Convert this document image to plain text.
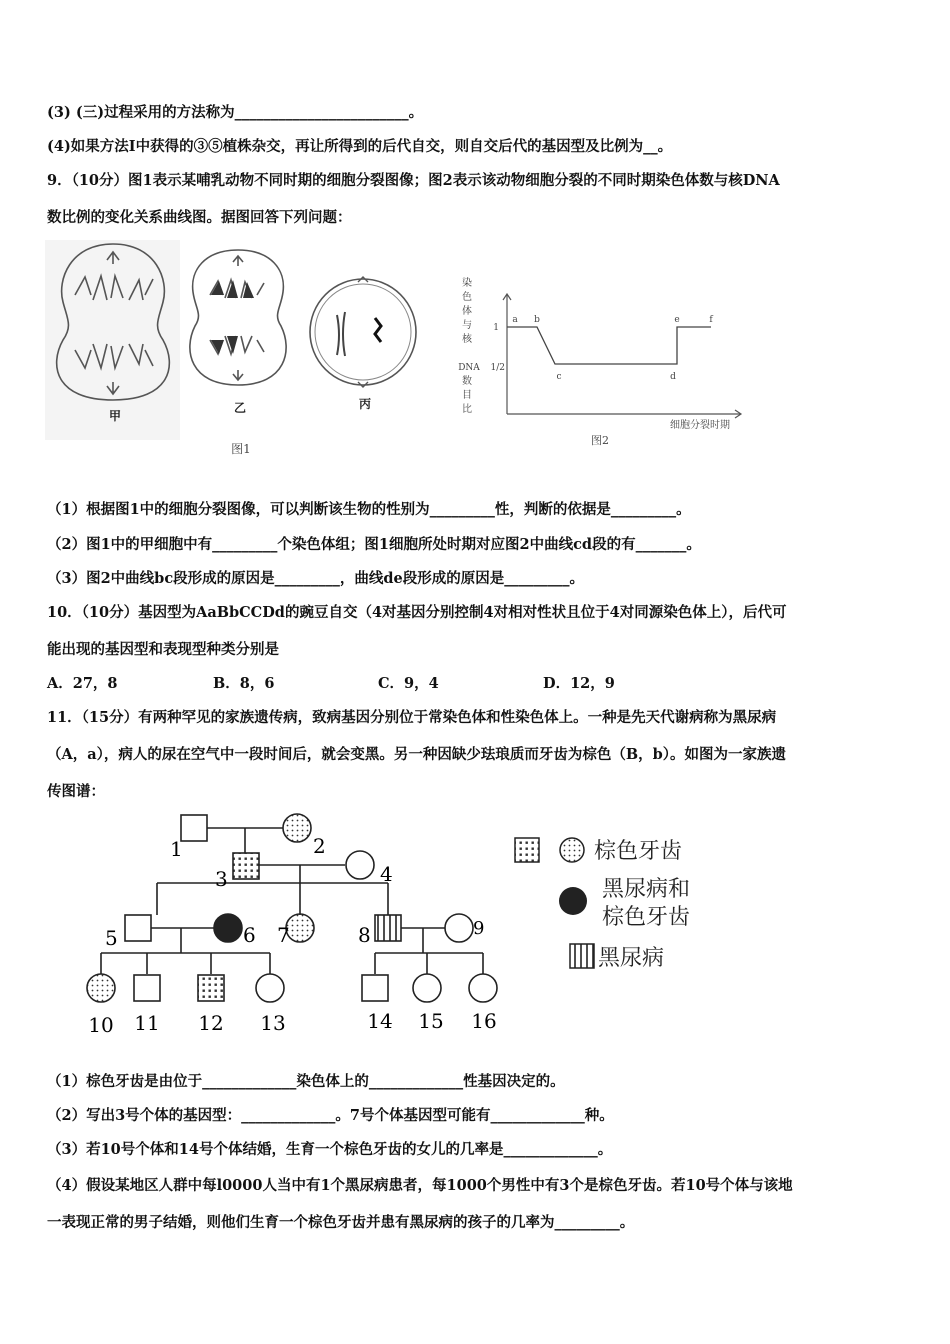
(3) (三)过程采用的方法称为________________________。
(4)如果方法Ⅰ中获得的③⑤植株杂交，再让所得到的后代自交，则自交后代的基因型及比例为__。
9．（10分）图1表示某哺乳动物不同时期的细胞分裂图像；图2表示该动物细胞分裂的不同时期染色体数与核DNA
数比例的变化关系曲线图。据图回答下列问题：
甲
乙	丙
图1
染
色
体
与
核
DNA
数
目
比
1
1/2
a b
c	d
e	f
细胞分裂时期
图2
（1）根据图1中的细胞分裂图像，可以判断该生物的性别为_________性，判断的依据是_________。
（2）图1中的甲细胞中有_________个染色体组；图1细胞所处时期对应图2中曲线cd段的有_______。
（3）图2中曲线bc段形成的原因是_________，曲线de段形成的原因是_________。
10．（10分）基因型为AaBbCCDd的豌豆自交（4对基因分别控制4对相对性状且位于4对同源染色体上），后代可
能出现的基因型和表现型种类分别是
A．27，8	B．8，6	C．9，4	D．12，9
11．（15分）有两种罕见的家族遗传病，致病基因分别位于常染色体和性染色体上。一种是先天代谢病称为黑尿病
（A，a），病人的尿在空气中一段时间后，就会变黑。另一种因缺少珐琅质而牙齿为棕色（B，b）。如图为一家族遗
传图谱：
1	2
3	4
5	6 7	8	9
10 11 12 13	14 15 16
棕色牙齿
黑尿病和
棕色牙齿
黑尿病
（1）棕色牙齿是由位于_____________染色体上的_____________性基因决定的。
（2）写出3号个体的基因型：_____________。7号个体基因型可能有_____________种。
（3）若10号个体和14号个体结婚，生育一个棕色牙齿的女儿的几率是_____________。
（4）假设某地区人群中每l0000人当中有1个黑尿病患者，每1000个男性中有3个是棕色牙齿。若10号个体与该地
一表现正常的男子结婚，则他们生育一个棕色牙齿并患有黑尿病的孩子的几率为_________。
